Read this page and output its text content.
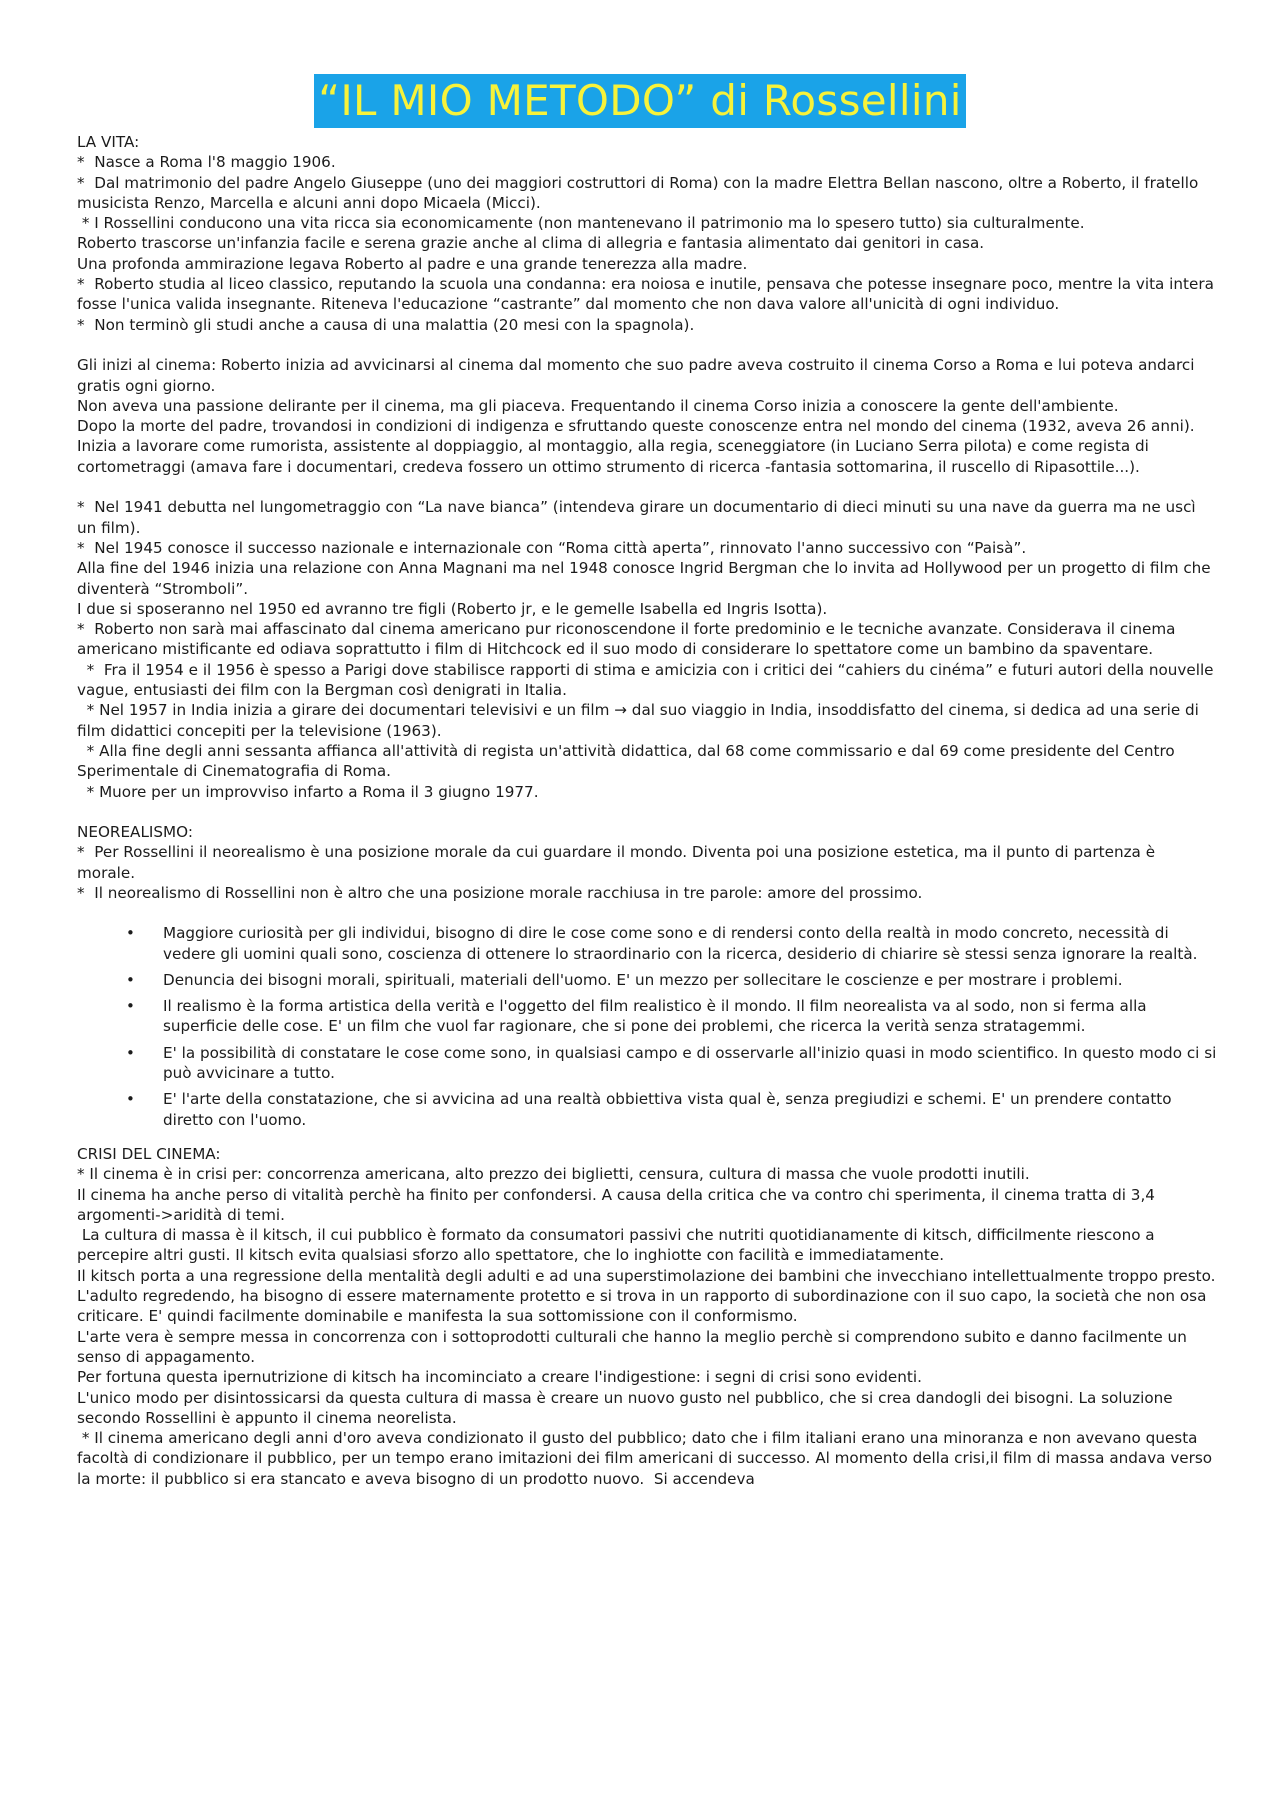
“IL MIO METODO” di Rossellini

LA VITA:

*  Nasce a Roma l'8 maggio 1906.

*  Dal matrimonio del padre Angelo Giuseppe (uno dei maggiori costruttori di Roma) con la madre Elettra Bellan nascono, oltre a Roberto, il fratello musicista Renzo, Marcella e alcuni anni dopo Micaela (Micci).

* I Rossellini conducono una vita ricca sia economicamente (non mantenevano il patrimonio ma lo spesero tutto) sia culturalmente.

Roberto trascorse un'infanzia facile e serena grazie anche al clima di allegria e fantasia alimentato dai genitori in casa.

Una profonda ammirazione legava Roberto al padre e una grande tenerezza alla madre.

*  Roberto studia al liceo classico, reputando la scuola una condanna: era noiosa e inutile, pensava che potesse insegnare poco, mentre la vita intera fosse l'unica valida insegnante. Riteneva l'educazione “castrante” dal momento che non dava valore all'unicità di ogni individuo.

*  Non terminò gli studi anche a causa di una malattia (20 mesi con la spagnola).

Gli inizi al cinema: Roberto inizia ad avvicinarsi al cinema dal momento che suo padre aveva costruito il cinema Corso a Roma e lui poteva andarci gratis ogni giorno.

Non aveva una passione delirante per il cinema, ma gli piaceva. Frequentando il cinema Corso inizia a conoscere la gente dell'ambiente.

Dopo la morte del padre, trovandosi in condizioni di indigenza e sfruttando queste conoscenze entra nel mondo del cinema (1932, aveva 26 anni).

Inizia a lavorare come rumorista, assistente al doppiaggio, al montaggio, alla regia, sceneggiatore (in Luciano Serra pilota) e come regista di cortometraggi (amava fare i documentari, credeva fossero un ottimo strumento di ricerca -fantasia sottomarina, il ruscello di Ripasottile...).

*  Nel 1941 debutta nel lungometraggio con “La nave bianca” (intendeva girare un documentario di dieci minuti su una nave da guerra ma ne uscì un film).

*  Nel 1945 conosce il successo nazionale e internazionale con “Roma città aperta”, rinnovato l'anno successivo con “Paisà”.

Alla fine del 1946 inizia una relazione con Anna Magnani ma nel 1948 conosce Ingrid Bergman che lo invita ad Hollywood per un progetto di film che diventerà “Stromboli”.

I due si sposeranno nel 1950 ed avranno tre figli (Roberto jr, e le gemelle Isabella ed Ingris Isotta).

*  Roberto non sarà mai affascinato dal cinema americano pur riconoscendone il forte predominio e le tecniche avanzate. Considerava il cinema americano mistificante ed odiava soprattutto i film di Hitchcock ed il suo modo di considerare lo spettatore come un bambino da spaventare.

*  Fra il 1954 e il 1956 è spesso a Parigi dove stabilisce rapporti di stima e amicizia con i critici dei “cahiers du cinéma” e futuri autori della nouvelle vague, entusiasti dei film con la Bergman così denigrati in Italia.

* Nel 1957 in India inizia a girare dei documentari televisivi e un film → dal suo viaggio in India, insoddisfatto del cinema, si dedica ad una serie di film didattici concepiti per la televisione (1963).

* Alla fine degli anni sessanta affianca all'attività di regista un'attività didattica, dal 68 come commissario e dal 69 come presidente del Centro Sperimentale di Cinematografia di Roma.

* Muore per un improvviso infarto a Roma il 3 giugno 1977.

NEOREALISMO:

*  Per Rossellini il neorealismo è una posizione morale da cui guardare il mondo. Diventa poi una posizione estetica, ma il punto di partenza è morale.

*  Il neorealismo di Rossellini non è altro che una posizione morale racchiusa in tre parole: amore del prossimo.

• Maggiore curiosità per gli individui, bisogno di dire le cose come sono e di rendersi conto della realtà in modo concreto, necessità di vedere gli uomini quali sono, coscienza di ottenere lo straordinario con la ricerca, desiderio di chiarire sè stessi senza ignorare la realtà.
• Denuncia dei bisogni morali, spirituali, materiali dell'uomo. E' un mezzo per sollecitare le coscienze e per mostrare i problemi.
• Il realismo è la forma artistica della verità e l'oggetto del film realistico è il mondo. Il film neorealista va al sodo, non si ferma alla superficie delle cose. E' un film che vuol far ragionare, che si pone dei problemi, che ricerca la verità senza stratagemmi.
• E' la possibilità di constatare le cose come sono, in qualsiasi campo e di osservarle all'inizio quasi in modo scientifico. In questo modo ci si può avvicinare a tutto.
• E' l'arte della constatazione, che si avvicina ad una realtà obbiettiva vista qual è, senza pregiudizi e schemi. E' un prendere contatto diretto con l'uomo.

CRISI DEL CINEMA:

* Il cinema è in crisi per: concorrenza americana, alto prezzo dei biglietti, censura, cultura di massa che vuole prodotti inutili.

Il cinema ha anche perso di vitalità perchè ha finito per confondersi. A causa della critica che va contro chi sperimenta, il cinema tratta di 3,4 argomenti->aridità di temi.

La cultura di massa è il kitsch, il cui pubblico è formato da consumatori passivi che nutriti quotidianamente di kitsch, difficilmente riescono a percepire altri gusti. Il kitsch evita qualsiasi sforzo allo spettatore, che lo inghiotte con facilità e immediatamente.

Il kitsch porta a una regressione della mentalità degli adulti e ad una superstimolazione dei bambini che invecchiano intellettualmente troppo presto.  L'adulto regredendo, ha bisogno di essere maternamente protetto e si trova in un rapporto di subordinazione con il suo capo, la società che non osa criticare. E' quindi facilmente dominabile e manifesta la sua sottomissione con il conformismo.

L'arte vera è sempre messa in concorrenza con i sottoprodotti culturali che hanno la meglio perchè si comprendono subito e danno facilmente un senso di appagamento.

Per fortuna questa ipernutrizione di kitsch ha incominciato a creare l'indigestione: i segni di crisi sono evidenti.

L'unico modo per disintossicarsi da questa cultura di massa è creare un nuovo gusto nel pubblico, che si crea dandogli dei bisogni. La soluzione secondo Rossellini è appunto il cinema neorelista.

* Il cinema americano degli anni d'oro aveva condizionato il gusto del pubblico; dato che i film italiani erano una minoranza e non avevano questa facoltà di condizionare il pubblico, per un tempo erano imitazioni dei film americani di successo. Al momento della crisi,il film di massa andava verso la morte: il pubblico si era stancato e aveva bisogno di un prodotto nuovo.  Si accendeva
